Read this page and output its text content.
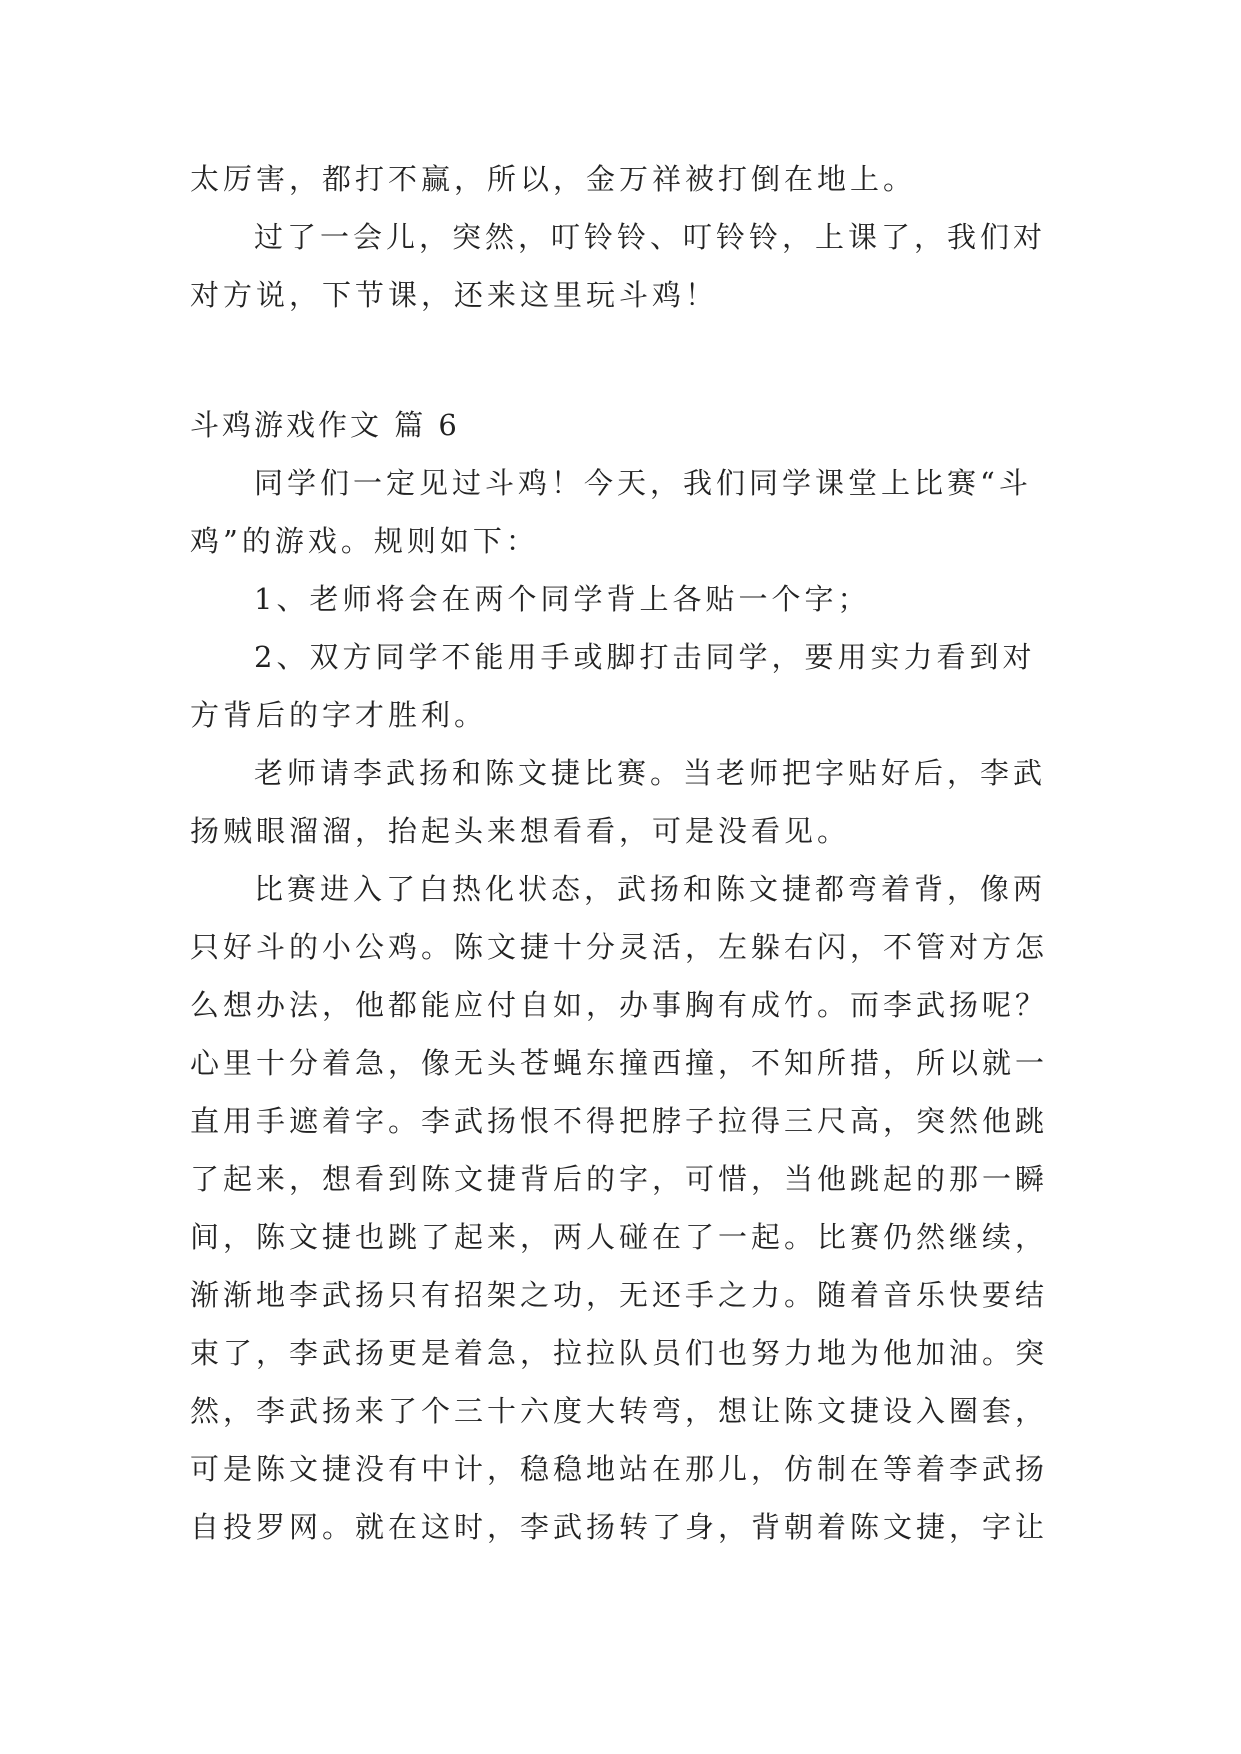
太厉害，都打不赢，所以，金万祥被打倒在地上。
过了一会儿，突然，叮铃铃、叮铃铃，上课了，我们对
对方说，下节课，还来这里玩斗鸡！
斗鸡游戏作文 篇 6
同学们一定见过斗鸡！今天，我们同学课堂上比赛“斗
鸡”的游戏。规则如下：
1、老师将会在两个同学背上各贴一个字；
2、双方同学不能用手或脚打击同学，要用实力看到对
方背后的字才胜利。
老师请李武扬和陈文捷比赛。当老师把字贴好后，李武
扬贼眼溜溜，抬起头来想看看，可是没看见。
比赛进入了白热化状态，武扬和陈文捷都弯着背，像两
只好斗的小公鸡。陈文捷十分灵活，左躲右闪，不管对方怎
么想办法，他都能应付自如，办事胸有成竹。而李武扬呢？
心里十分着急，像无头苍蝇东撞西撞，不知所措，所以就一
直用手遮着字。李武扬恨不得把脖子拉得三尺高，突然他跳
了起来，想看到陈文捷背后的字，可惜，当他跳起的那一瞬
间，陈文捷也跳了起来，两人碰在了一起。比赛仍然继续，
渐渐地李武扬只有招架之功，无还手之力。随着音乐快要结
束了，李武扬更是着急，拉拉队员们也努力地为他加油。突
然，李武扬来了个三十六度大转弯，想让陈文捷设入圈套，
可是陈文捷没有中计，稳稳地站在那儿，仿制在等着李武扬
自投罗网。就在这时，李武扬转了身，背朝着陈文捷，字让
